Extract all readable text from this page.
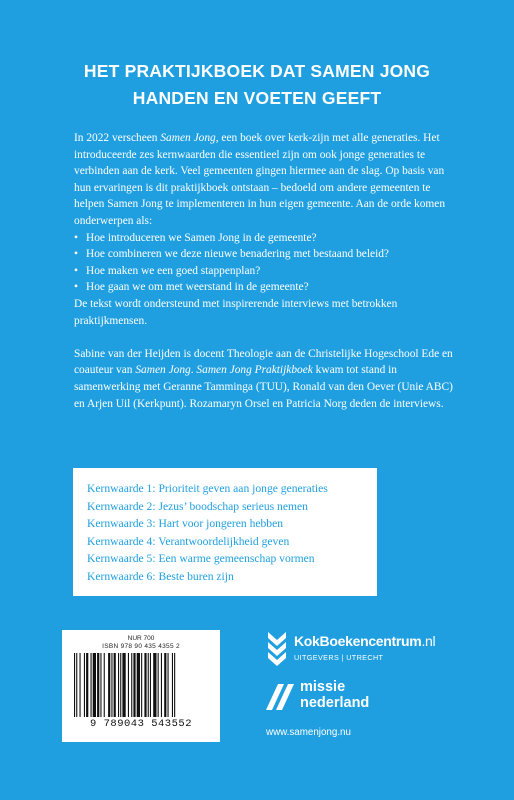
HET PRAKTIJKBOEK DAT SAMEN JONG
HANDEN EN VOETEN GEEFT

In 2022 verscheen Samen Jong, een boek over kerk-zijn met alle generaties. Het introduceerde zes kernwaarden die essentieel zijn om ook jonge generaties te verbinden aan de kerk. Veel gemeenten gingen hiermee aan de slag. Op basis van hun ervaringen is dit praktijkboek ontstaan – bedoeld om andere gemeenten te helpen Samen Jong te implementeren in hun eigen gemeente. Aan de orde komen onderwerpen als:

• Hoe introduceren we Samen Jong in de gemeente?
• Hoe combineren we deze nieuwe benadering met bestaand beleid?
• Hoe maken we een goed stappenplan?
• Hoe gaan we om met weerstand in de gemeente?

De tekst wordt ondersteund met inspirerende interviews met betrokken praktijkmensen.

Sabine van der Heijden is docent Theologie aan de Christelijke Hogeschool Ede en coauteur van Samen Jong. Samen Jong Praktijkboek kwam tot stand in samenwerking met Geranne Tamminga (TUU), Ronald van den Oever (Unie ABC) en Arjen Uil (Kerkpunt). Rozamaryn Orsel en Patricia Norg deden de interviews.

Kernwaarde 1: Prioriteit geven aan jonge generaties
Kernwaarde 2: Jezus’ boodschap serieus nemen
Kernwaarde 3: Hart voor jongeren hebben
Kernwaarde 4: Verantwoordelijkheid geven
Kernwaarde 5: Een warme gemeenschap vormen
Kernwaarde 6: Beste buren zijn
NUR 700
ISBN 978 90 435 4355 2
9 789043 543552
KokBoekencentrum.nl
UITGEVERS | UTRECHT
missie
nederland
www.samenjong.nu
